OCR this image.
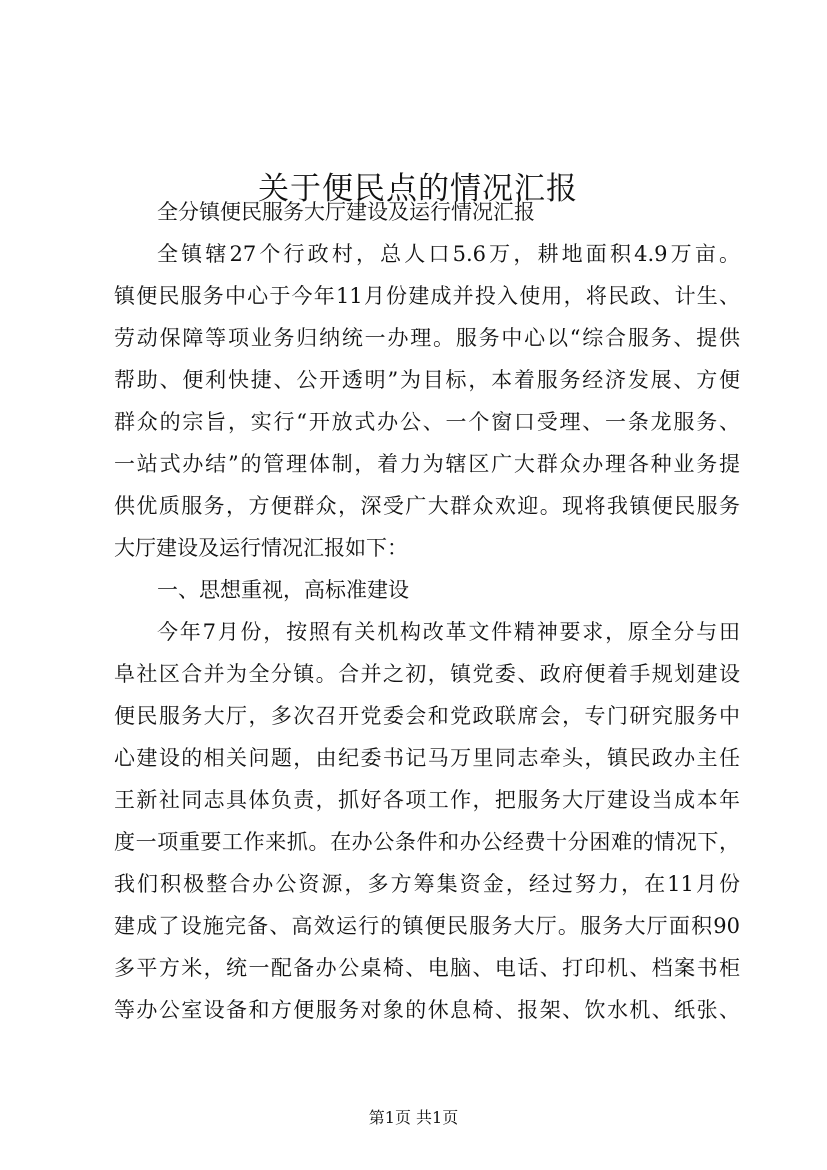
关于便民点的情况汇报
全分镇便民服务大厅建设及运行情况汇报
全镇辖27个行政村，总人口5.6万，耕地面积4.9万亩。
镇便民服务中心于今年11月份建成并投入使用，将民政、计生、
劳动保障等项业务归纳统一办理。服务中心以“综合服务、提供
帮助、便利快捷、公开透明”为目标，本着服务经济发展、方便
群众的宗旨，实行“开放式办公、一个窗口受理、一条龙服务、
一站式办结”的管理体制，着力为辖区广大群众办理各种业务提
供优质服务，方便群众，深受广大群众欢迎。现将我镇便民服务
大厅建设及运行情况汇报如下：
一、思想重视，高标准建设
今年7月份，按照有关机构改革文件精神要求，原全分与田
阜社区合并为全分镇。合并之初，镇党委、政府便着手规划建设
便民服务大厅，多次召开党委会和党政联席会，专门研究服务中
心建设的相关问题，由纪委书记马万里同志牵头，镇民政办主任
王新社同志具体负责，抓好各项工作，把服务大厅建设当成本年
度一项重要工作来抓。在办公条件和办公经费十分困难的情况下，
我们积极整合办公资源，多方筹集资金，经过努力，在11月份
建成了设施完备、高效运行的镇便民服务大厅。服务大厅面积90
多平方米，统一配备办公桌椅、电脑、电话、打印机、档案书柜
等办公室设备和方便服务对象的休息椅、报架、饮水机、纸张、
第1页 共1页
